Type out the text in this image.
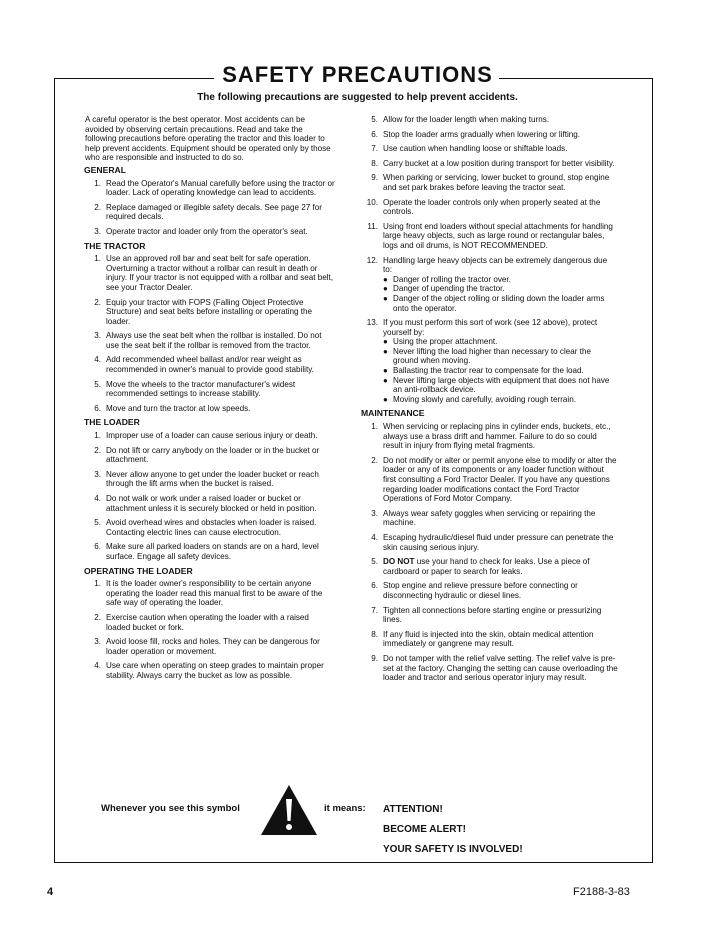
SAFETY PRECAUTIONS
The following precautions are suggested to help prevent accidents.
A careful operator is the best operator. Most accidents can be avoided by observing certain precautions. Read and take the following precautions before operating the tractor and this loader to help prevent accidents. Equipment should be operated only by those who are responsible and instructed to do so.
GENERAL
1. Read the Operator's Manual carefully before using the tractor or loader. Lack of operating knowledge can lead to accidents.
2. Replace damaged or illegible safety decals. See page 27 for required decals.
3. Operate tractor and loader only from the operator's seat.
THE TRACTOR
1. Use an approved roll bar and seat belt for safe operation. Overturning a tractor without a rollbar can result in death or injury. If your tractor is not equipped with a rollbar and seat belt, see your Tractor Dealer.
2. Equip your tractor with FOPS (Falling Object Protective Structure) and seat belts before installing or operating the loader.
3. Always use the seat belt when the rollbar is installed. Do not use the seat belt if the rollbar is removed from the tractor.
4. Add recommended wheel ballast and/or rear weight as recommended in owner's manual to provide good stability.
5. Move the wheels to the tractor manufacturer's widest recommended settings to increase stability.
6. Move and turn the tractor at low speeds.
THE LOADER
1. Improper use of a loader can cause serious injury or death.
2. Do not lift or carry anybody on the loader or in the bucket or attachment.
3. Never allow anyone to get under the loader bucket or reach through the lift arms when the bucket is raised.
4. Do not walk or work under a raised loader or bucket or attachment unless it is securely blocked or held in position.
5. Avoid overhead wires and obstacles when loader is raised. Contacting electric lines can cause electrocution.
6. Make sure all parked loaders on stands are on a hard, level surface. Engage all safety devices.
OPERATING THE LOADER
1. It is the loader owner's responsibility to be certain anyone operating the loader read this manual first to be aware of the safe way of operating the loader.
2. Exercise caution when operating the loader with a raised loaded bucket or fork.
3. Avoid loose fill, rocks and holes. They can be dangerous for loader operation or movement.
4. Use care when operating on steep grades to maintain proper stability. Always carry the bucket as low as possible.
5. Allow for the loader length when making turns.
6. Stop the loader arms gradually when lowering or lifting.
7. Use caution when handling loose or shiftable loads.
8. Carry bucket at a low position during transport for better visibility.
9. When parking or servicing, lower bucket to ground, stop engine and set park brakes before leaving the tractor seat.
10. Operate the loader controls only when properly seated at the controls.
11. Using front end loaders without special attachments for handling large heavy objects, such as large round or rectangular bales, logs and oil drums, is NOT RECOMMENDED.
12. Handling large heavy objects can be extremely dangerous due to:
● Danger of rolling the tractor over.
● Danger of upending the tractor.
● Danger of the object rolling or sliding down the loader arms onto the operator.
13. If you must perform this sort of work (see 12 above), protect yourself by:
● Using the proper attachment.
● Never lifting the load higher than necessary to clear the ground when moving.
● Ballasting the tractor rear to compensate for the load.
● Never lifting large objects with equipment that does not have an anti-rollback device.
● Moving slowly and carefully, avoiding rough terrain.
MAINTENANCE
1. When servicing or replacing pins in cylinder ends, buckets, etc., always use a brass drift and hammer. Failure to do so could result in injury from flying metal fragments.
2. Do not modify or alter or permit anyone else to modify or alter the loader or any of its components or any loader function without first consulting a Ford Tractor Dealer. If you have any questions regarding loader modifications contact the Ford Tractor Operations of Ford Motor Company.
3. Always wear safety goggles when servicing or repairing the machine.
4. Escaping hydraulic/diesel fluid under pressure can penetrate the skin causing serious injury.
5. DO NOT use your hand to check for leaks. Use a piece of cardboard or paper to search for leaks.
6. Stop engine and relieve pressure before connecting or disconnecting hydraulic or diesel lines.
7. Tighten all connections before starting engine or pressurizing lines.
8. If any fluid is injected into the skin, obtain medical attention immediately or gangrene may result.
9. Do not tamper with the relief valve setting. The relief valve is pre-set at the factory. Changing the setting can cause overloading the loader and tractor and serious operator injury may result.
Whenever you see this symbol	it means: ATTENTION!
BECOME ALERT!
YOUR SAFETY IS INVOLVED!
4	F2188-3-83
